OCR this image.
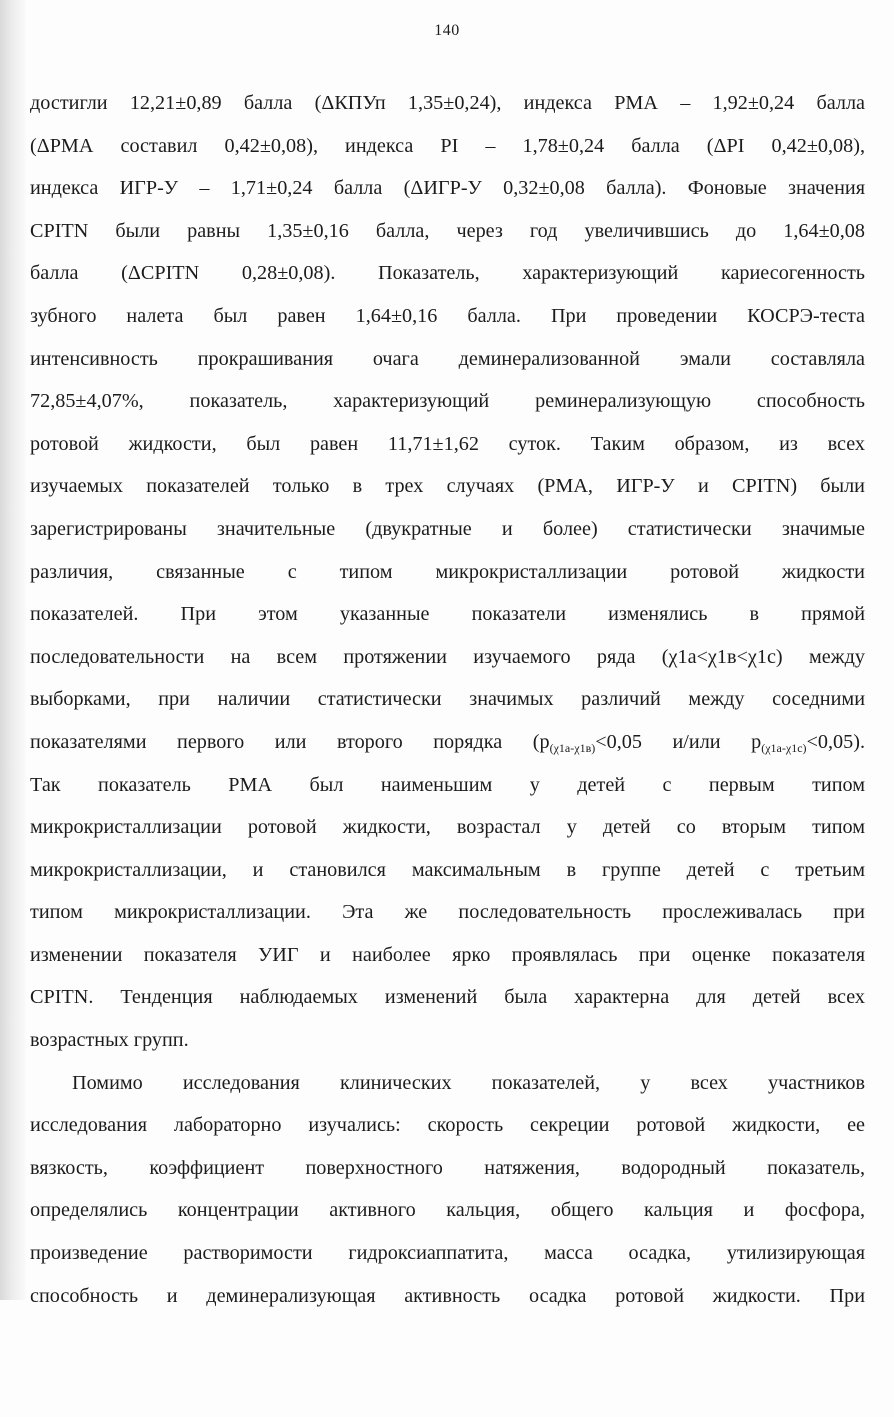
140
достигли 12,21±0,89 балла (ΔКПУп 1,35±0,24), индекса РМА – 1,92±0,24 балла
(ΔРМА составил 0,42±0,08), индекса PI – 1,78±0,24 балла (ΔPI 0,42±0,08),
индекса ИГР-У – 1,71±0,24 балла (ΔИГР-У 0,32±0,08 балла). Фоновые значения
CPITN были равны 1,35±0,16 балла, через год увеличившись до 1,64±0,08
балла (ΔCPITN 0,28±0,08). Показатель, характеризующий кариесогенность
зубного налета был равен 1,64±0,16 балла. При проведении КОСРЭ-теста
интенсивность прокрашивания очага деминерализованной эмали составляла
72,85±4,07%, показатель, характеризующий реминерализующую способность
ротовой жидкости, был равен 11,71±1,62 суток. Таким образом, из всех
изучаемых показателей только в трех случаях (РМА, ИГР-У и CPITN) были
зарегистрированы значительные (двукратные и более) статистически значимые
различия, связанные с типом микрокристаллизации ротовой жидкости
показателей. При этом указанные показатели изменялись в прямой
последовательности на всем протяжении изучаемого ряда (χ1а<χ1в<χ1с) между
выборками, при наличии статистически значимых различий между соседними
показателями первого или второго порядка ($p_{(\chi 1а-\chi 1в)}<0,05$ и/или $p_{(\chi 1а-\chi 1с)}<0,05$).
Так показатель РМА был наименьшим у детей с первым типом
микрокристаллизации ротовой жидкости, возрастал у детей со вторым типом
микрокристаллизации, и становился максимальным в группе детей с третьим
типом микрокристаллизации. Эта же последовательность прослеживалась при
изменении показателя УИГ и наиболее ярко проявлялась при оценке показателя
CPITN. Тенденция наблюдаемых изменений была характерна для детей всех
возрастных групп.
Помимо исследования клинических показателей, у всех участников
исследования лабораторно изучались: скорость секреции ротовой жидкости, ее
вязкость, коэффициент поверхностного натяжения, водородный показатель,
определялись концентрации активного кальция, общего кальция и фосфора,
произведение растворимости гидроксиаппатита, масса осадка, утилизирующая
способность и деминерализующая активность осадка ротовой жидкости. При
